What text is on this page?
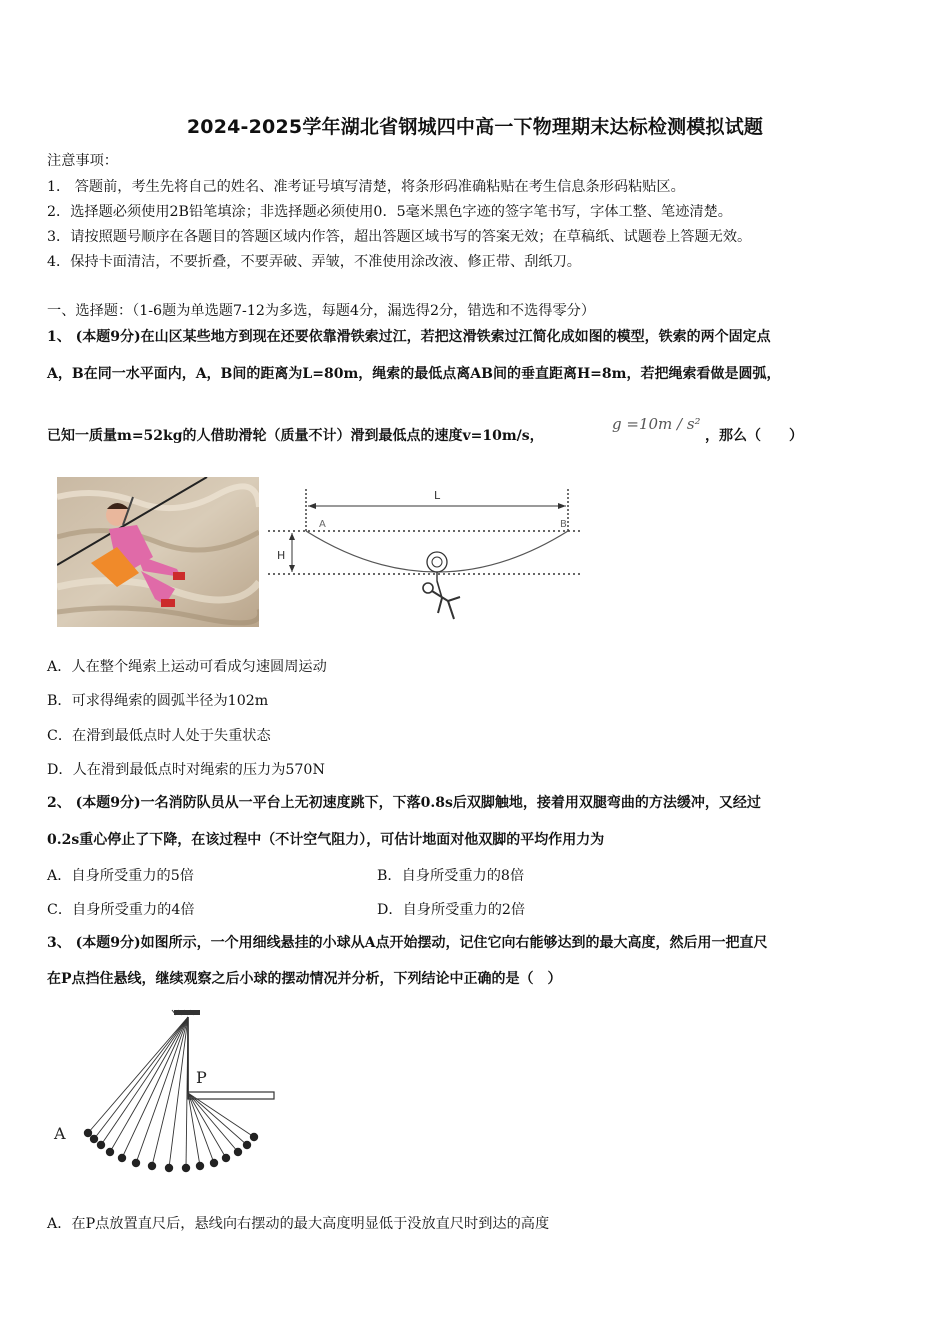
2024-2025学年湖北省钢城四中高一下物理期末达标检测模拟试题
注意事项：
1． 答题前，考生先将自己的姓名、准考证号填写清楚，将条形码准确粘贴在考生信息条形码粘贴区。
2．选择题必须使用2B铅笔填涂；非选择题必须使用0．5毫米黑色字迹的签字笔书写，字体工整、笔迹清楚。
3．请按照题号顺序在各题目的答题区域内作答，超出答题区域书写的答案无效；在草稿纸、试题卷上答题无效。
4．保持卡面清洁，不要折叠，不要弄破、弄皱，不准使用涂改液、修正带、刮纸刀。
一、选择题：（1-6题为单选题7-12为多选，每题4分，漏选得2分，错选和不选得零分）
1、 (本题9分)在山区某些地方到现在还要依靠滑铁索过江，若把这滑铁索过江简化成如图的模型，铁索的两个固定点
A，B在同一水平面内，A，B间的距离为L=80m，绳索的最低点离AB间的垂直距离H=8m，若把绳索看做是圆弧，
已知一质量m=52kg的人借助滑轮（质量不计）滑到最低点的速度v=10m/s，
g =10m / s²
，那么（　　）
L
A	B
H
A．人在整个绳索上运动可看成匀速圆周运动
B．可求得绳索的圆弧半径为102m
C．在滑到最低点时人处于失重状态
D．人在滑到最低点时对绳索的压力为570N
2、 (本题9分)一名消防队员从一平台上无初速度跳下，下落0.8s后双脚触地，接着用双腿弯曲的方法缓冲，又经过
0.2s重心停止了下降，在该过程中（不计空气阻力），可估计地面对他双脚的平均作用力为
A．自身所受重力的5倍	B．自身所受重力的8倍
C．自身所受重力的4倍	D．自身所受重力的2倍
3、 (本题9分)如图所示，一个用细线悬挂的小球从A点开始摆动，记住它向右能够达到的最大高度，然后用一把直尺
在P点挡住悬线，继续观察之后小球的摆动情况并分析，下列结论中正确的是（　）
P
A
A．在P点放置直尺后，悬线向右摆动的最大高度明显低于没放直尺时到达的高度
